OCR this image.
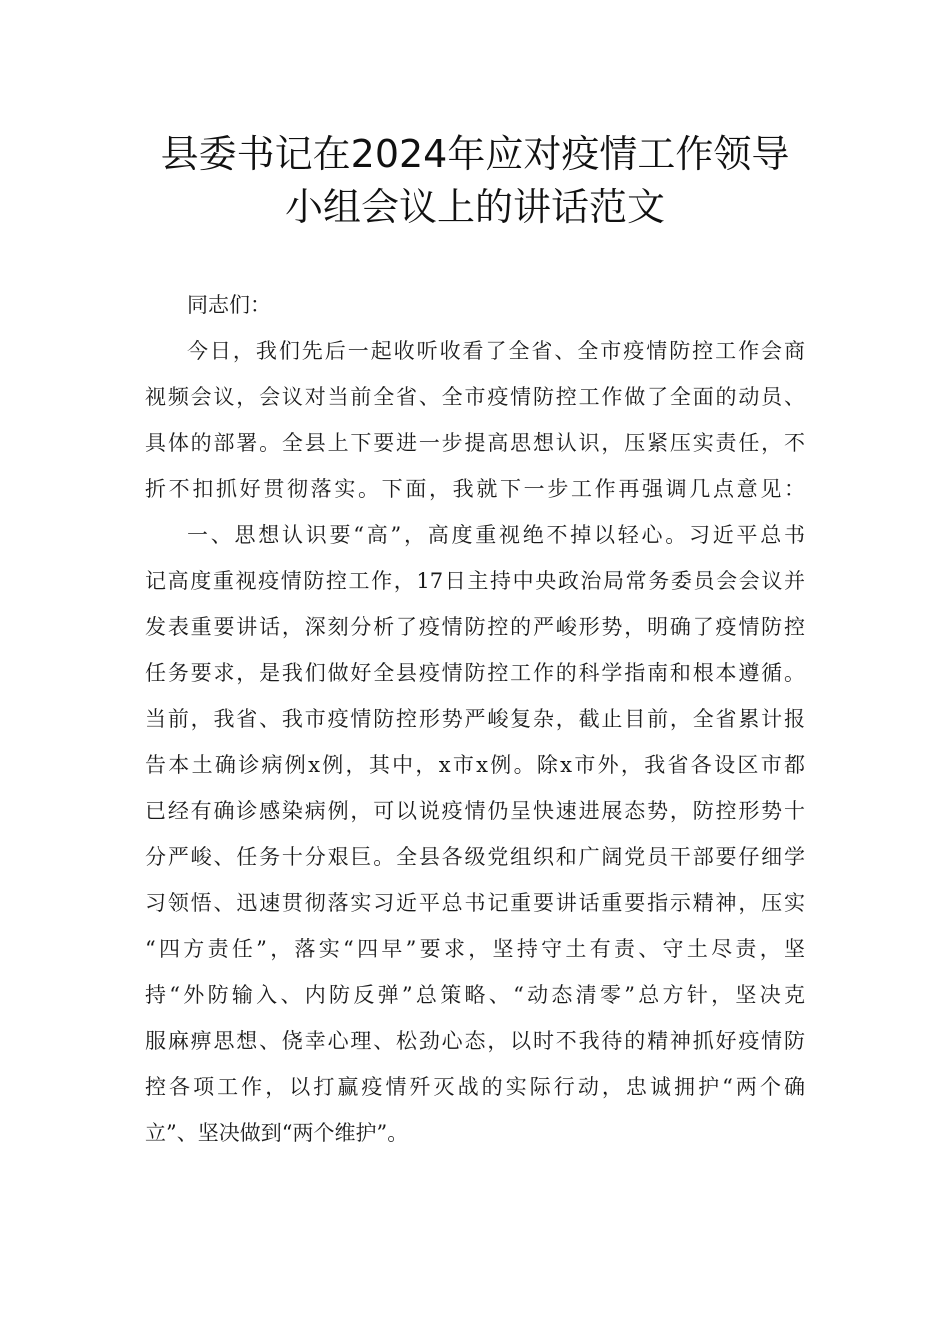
县委书记在2024年应对疫情工作领导
小组会议上的讲话范文
同志们：
今日，我们先后一起收听收看了全省、全市疫情防控工作会商
视频会议，会议对当前全省、全市疫情防控工作做了全面的动员、
具体的部署。全县上下要进一步提高思想认识，压紧压实责任，不
折不扣抓好贯彻落实。下面，我就下一步工作再强调几点意见：
一、思想认识要“高”，高度重视绝不掉以轻心。习近平总书
记高度重视疫情防控工作，17日主持中央政治局常务委员会会议并
发表重要讲话，深刻分析了疫情防控的严峻形势，明确了疫情防控
任务要求，是我们做好全县疫情防控工作的科学指南和根本遵循。
当前，我省、我市疫情防控形势严峻复杂，截止目前，全省累计报
告本土确诊病例x例，其中，x市x例。除x市外，我省各设区市都
已经有确诊感染病例，可以说疫情仍呈快速进展态势，防控形势十
分严峻、任务十分艰巨。全县各级党组织和广阔党员干部要仔细学
习领悟、迅速贯彻落实习近平总书记重要讲话重要指示精神，压实
“四方责任”，落实“四早”要求，坚持守土有责、守土尽责，坚
持“外防输入、内防反弹”总策略、“动态清零”总方针，坚决克
服麻痹思想、侥幸心理、松劲心态，以时不我待的精神抓好疫情防
控各项工作，以打赢疫情歼灭战的实际行动，忠诚拥护“两个确
立”、坚决做到“两个维护”。
